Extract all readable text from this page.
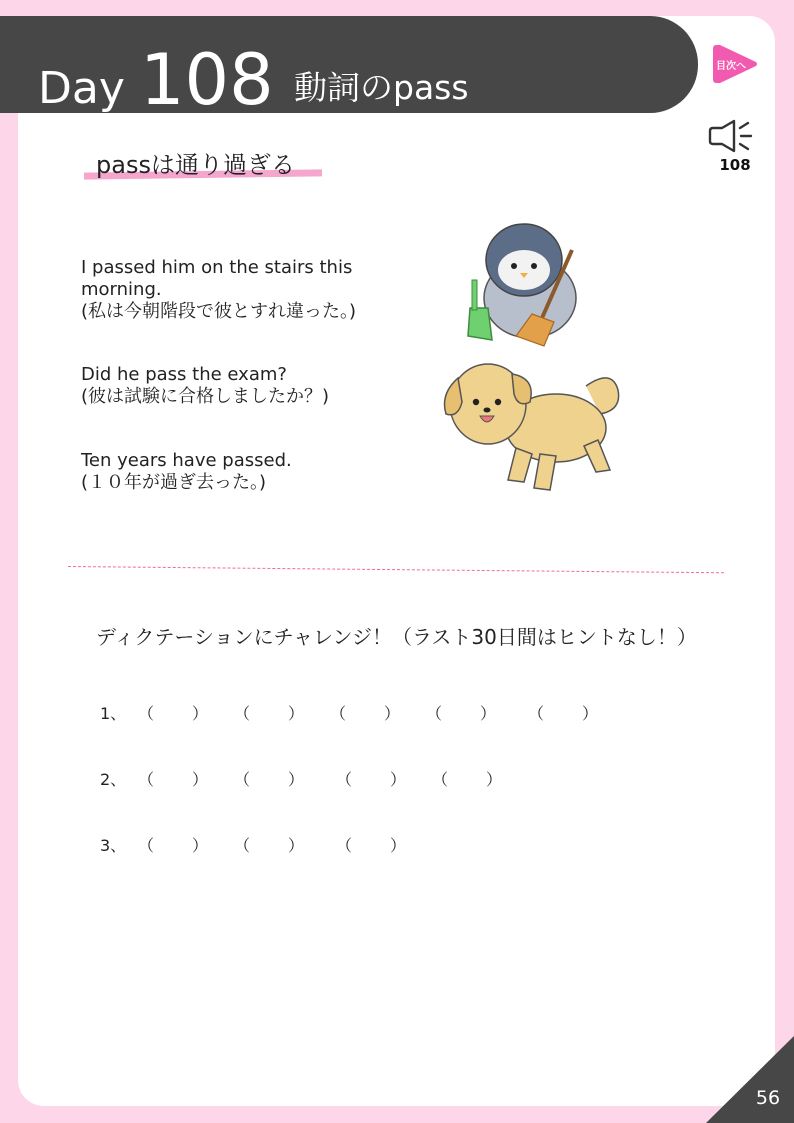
Day 108 動詞のpass
目次へ
108
passは通り過ぎる
I passed him on the stairs this morning.
(私は今朝階段で彼とすれ違った。)
Did he pass the exam?
(彼は試験に合格しましたか？)
Ten years have passed.
(１０年が過ぎ去った。)
ディクテーションにチャレンジ！（ラスト30日間はヒントなし！）
1、 （ ） （ ） （ ） （ ） （ ）
2、 （ ） （ ） （ ） （ ）
3、 （ ） （ ） （ ）
56
